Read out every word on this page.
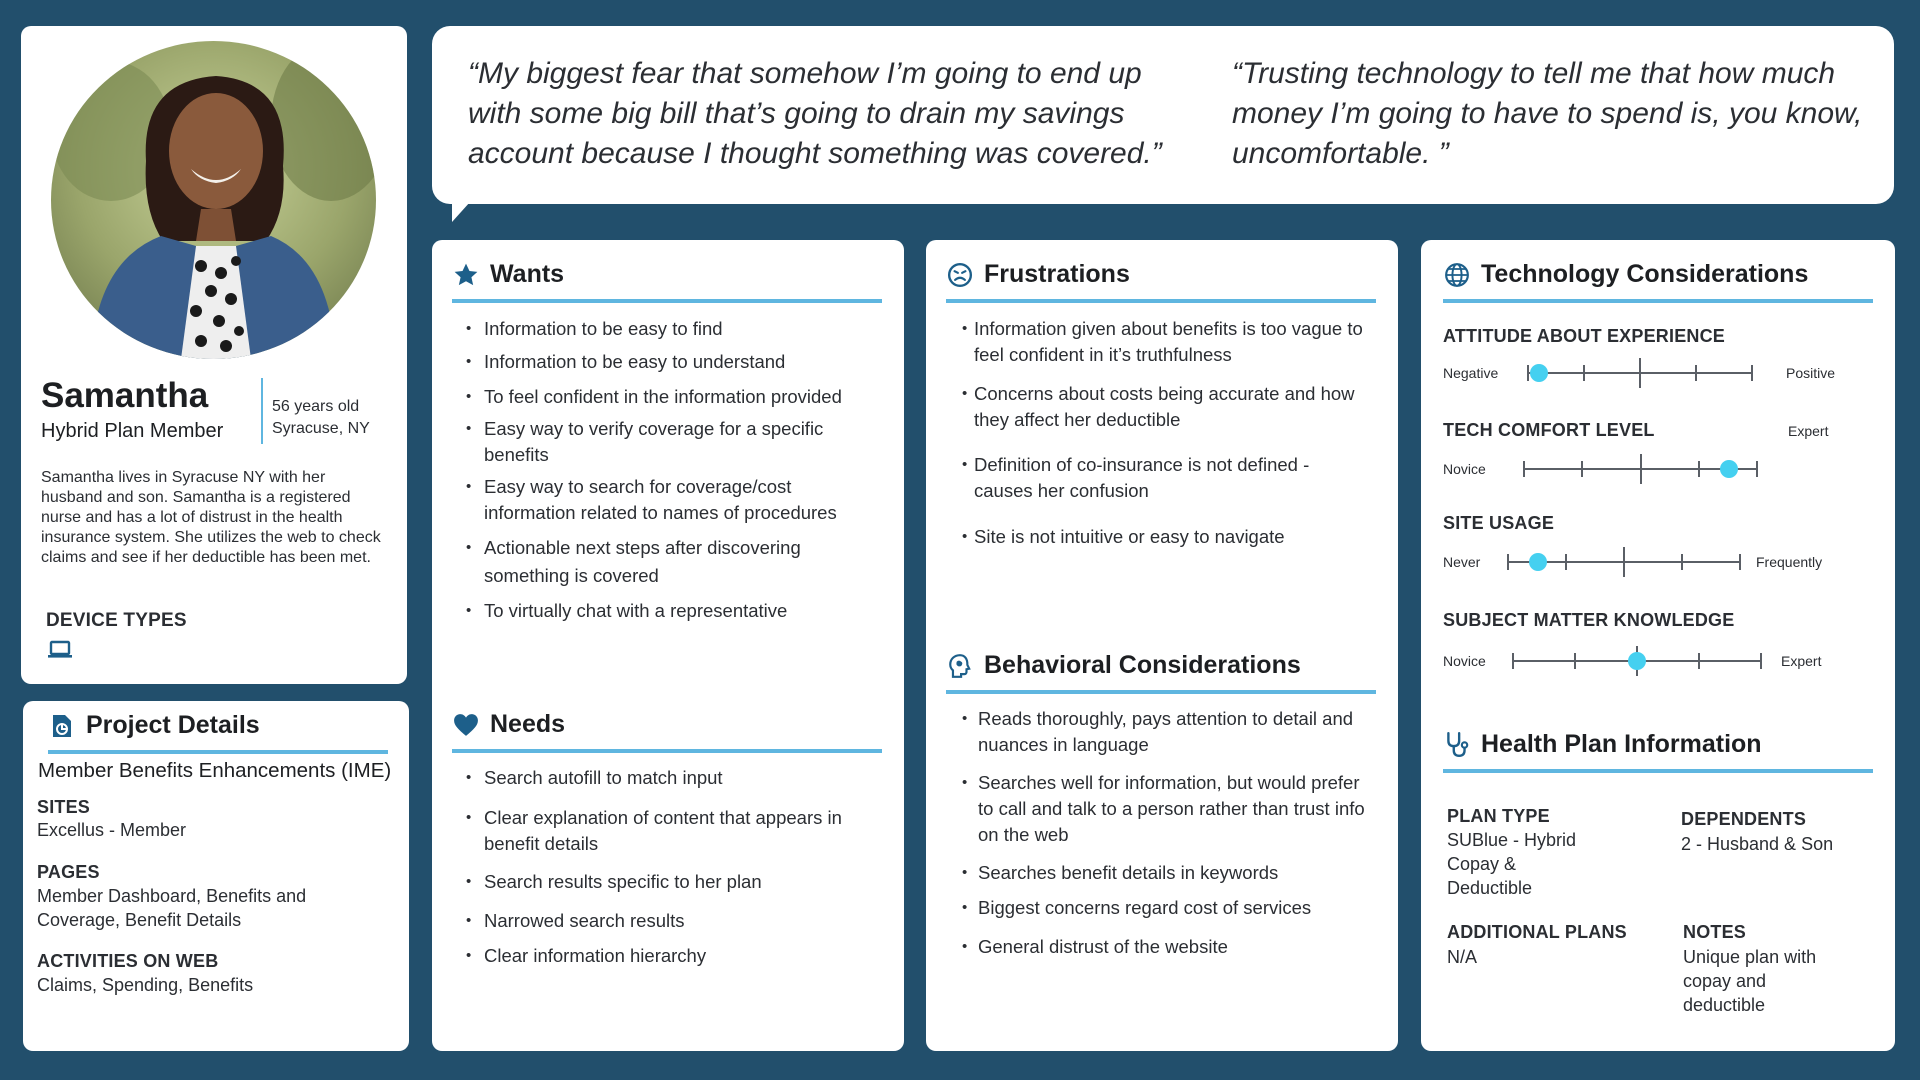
Samantha
Hybrid Plan Member
56 years old
Syracuse, NY
Samantha lives in Syracuse NY with her husband and son. Samantha is a registered nurse and has a lot of distrust in the health insurance system. She utilizes the web to check claims and see if her deductible has been met.
DEVICE TYPES
Project Details
Member Benefits Enhancements (IME)
SITES
Excellus - Member
PAGES
Member Dashboard, Benefits and Coverage, Benefit Details
ACTIVITIES ON WEB
Claims, Spending, Benefits
“My biggest fear that somehow I’m going to end up with some big bill that’s going to drain my savings account because I thought something was covered.”
“Trusting technology to tell me that how much money I’m going to have to spend is, you know, uncomfortable. ”
Wants
• Information to be easy to find
• Information to be easy to understand
• To feel confident in the information provided
• Easy way to verify coverage for a specific benefits
• Easy way to search for coverage/cost information related to names of procedures
• Actionable next steps after discovering something is covered
• To virtually chat with a representative
Needs
• Search autofill to match input
• Clear explanation of content that appears in benefit details
• Search results specific to her plan
• Narrowed search results
• Clear information hierarchy
Frustrations
• Information given about benefits is too vague to feel confident in it’s truthfulness
• Concerns about costs being accurate and how they affect her deductible
• Definition of co-insurance is not defined - causes her confusion
• Site is not intuitive or easy to navigate
Behavioral Considerations
• Reads thoroughly, pays attention to detail and nuances in language
• Searches well for information, but would prefer to call and talk to a person rather than trust info on the web
• Searches benefit details in keywords
• Biggest concerns regard cost of services
• General distrust of the website
Technology Considerations
ATTITUDE ABOUT EXPERIENCE
Negative	Positive
TECH COMFORT LEVEL	Expert
Novice
SITE USAGE
Never	Frequently
SUBJECT MATTER KNOWLEDGE
Novice	Expert
Health Plan Information
PLAN TYPE
SUBlue - Hybrid Copay & Deductible
DEPENDENTS
2 - Husband & Son
ADDITIONAL PLANS
N/A
NOTES
Unique plan with copay and deductible
